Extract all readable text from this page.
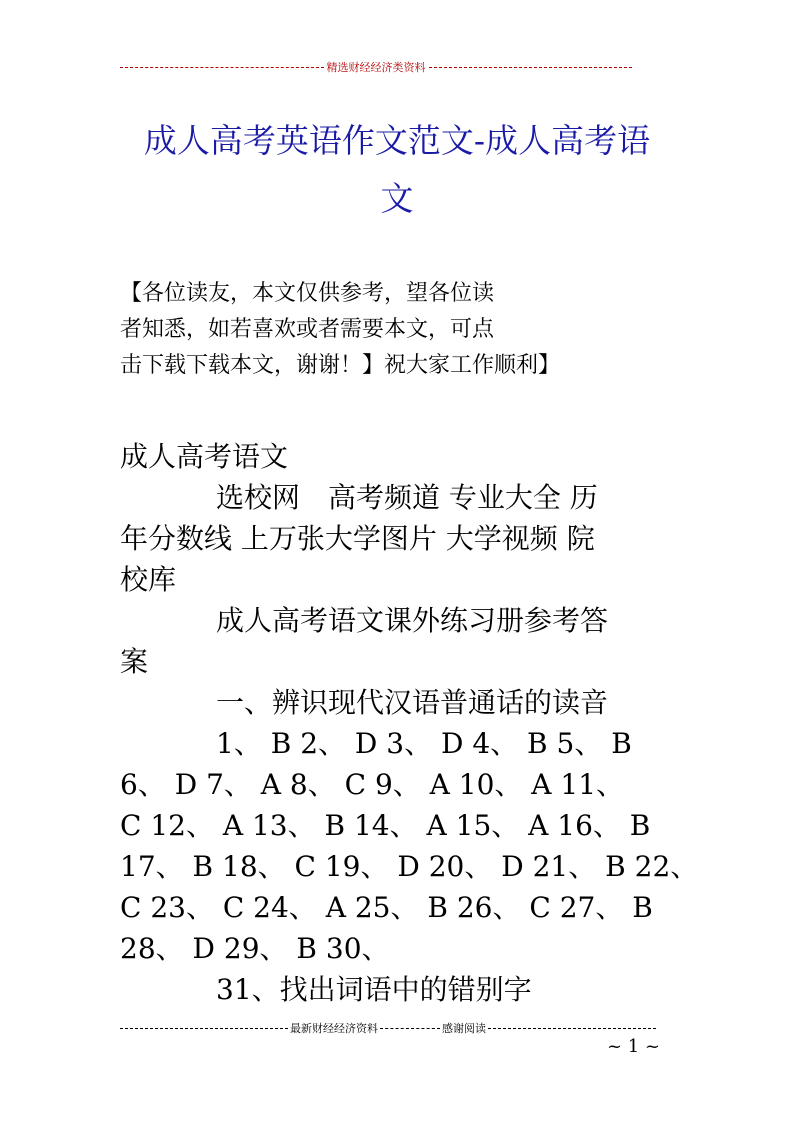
精选财经经济类资料
成人高考英语作文范文-成人高考语
文
【各位读友，本文仅供参考，望各位读
者知悉，如若喜欢或者需要本文，可点
击下载下载本文，谢谢！】祝大家工作顺利】
成人高考语文
选校网　高考频道 专业大全 历
年分数线 上万张大学图片 大学视频 院
校库
成人高考语文课外练习册参考答
案
一、辨识现代汉语普通话的读音
1、 B 2、 D 3、 D 4、 B 5、 B
6、 D 7、 A 8、 C 9、 A 10、 A 11、
C 12、 A 13、 B 14、 A 15、 A 16、 B
17、 B 18、 C 19、 D 20、 D 21、 B 22、
C 23、 C 24、 A 25、 B 26、 C 27、 B
28、 D 29、 B 30、
31、找出词语中的错别字
最新财经经济资料	感谢阅读
~ 1 ~
